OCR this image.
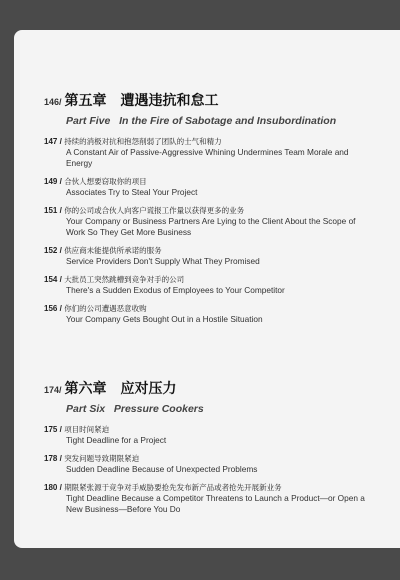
146/ 第五章　遭遇违抗和怠工
Part Five   In the Fire of Sabotage and Insubordination
147 / 持续的消极对抗和抱怨削弱了团队的士气和精力
A Constant Air of Passive-Aggressive Whining Undermines Team Morale and Energy
149 / 合伙人想要窃取你的项目
Associates Try to Steal Your Project
151 / 你的公司或合伙人向客户谎报工作量以获得更多的业务
Your Company or Business Partners Are Lying to the Client About the Scope of Work So They Get More Business
152 / 供应商未能提供所承诺的服务
Service Providers Don't Supply What They Promised
154 / 大批员工突然跳槽到竞争对手的公司
There's a Sudden Exodus of Employees to Your Competitor
156 / 你们的公司遭遇恶意收购
Your Company Gets Bought Out in a Hostile Situation
174/ 第六章　应对压力
Part Six   Pressure Cookers
175 / 项目时间紧迫
Tight Deadline for a Project
178 / 突发问题导致期限紧迫
Sudden Deadline Because of Unexpected Problems
180 / 期限紧张源于竞争对手威胁要抢先发布新产品或者抢先开展新业务
Tight Deadline Because a Competitor Threatens to Launch a Product—or Open a New Business—Before You Do
